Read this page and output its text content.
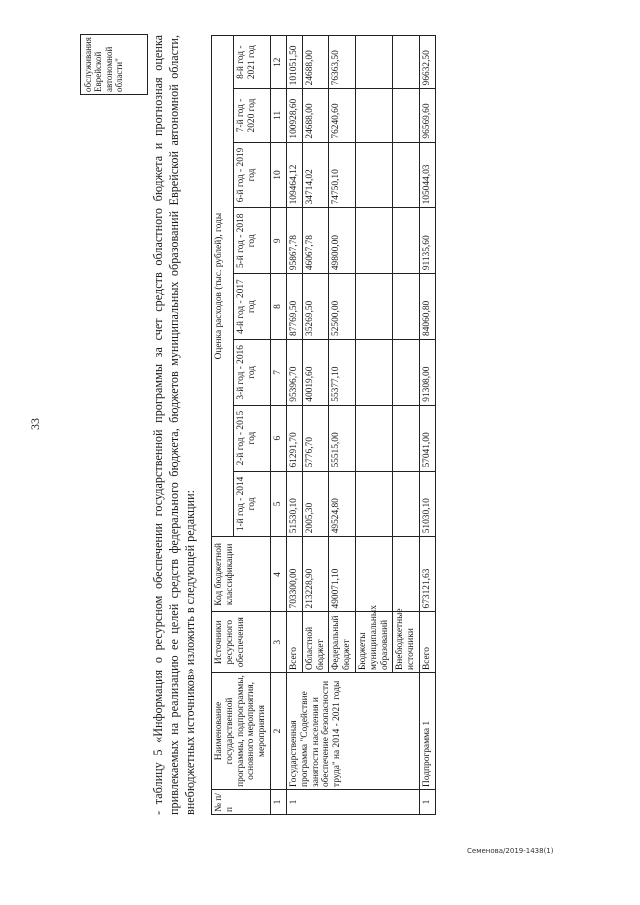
33
обслуживания Еврейской автономной области" - таблицу 5 «Информация о ресурсном обеспечении государственной программы за счет средств областного бюджета и прогнозная оценка привлекаемых на реализацию ее целей средств федерального бюджета, бюджетов муниципальных образований Еврейской автономной области, внебюджетных источников» изложить в следующей редакции: № п/п	Наименование государственной программы, подпрограммы, основного мероприятия, мероприятия	Источники ресурсного обеспечения	Код бюджетной классификации	Оценка расходов (тыс. рублей), годы							
				1-й год - 2014 год	2-й год - 2015 год	3-й год - 2016 год	4-й год - 2017 год	5-й год - 2018 год	6-й год - 2019 год	7-й год - 2020 год	8-й год - 2021 год
1	2	3	4	5	6	7	8	9	10	11	12
1	Государственная программа "Содействие занятости населения и обеспечение безопасности труда" на 2014 - 2021 годы	Всего	703300,00	51530,10	61291,70	95396,70	87769,50	95867,78	109464,12	100928,60	101051,50
		Областной бюджет	213228,90	2005,30	5776,70	40019,60	35269,50	46067,78	34714,02	24688,00	24688,00
		Федеральный бюджет	490071,10	49524,80	55515,00	55377,10	52500,00	49800,00	74750,10	76240,60	76363,50
		Бюджеты муниципальных образований									
		Внебюджетные источники									
1	Подпрограмма 1	Всего	673121,63	51030,10	57041,00	91308,00	84060,80	91135,60	105044,03	96569,60	96632,50
Семенова/2019-1438(1)
